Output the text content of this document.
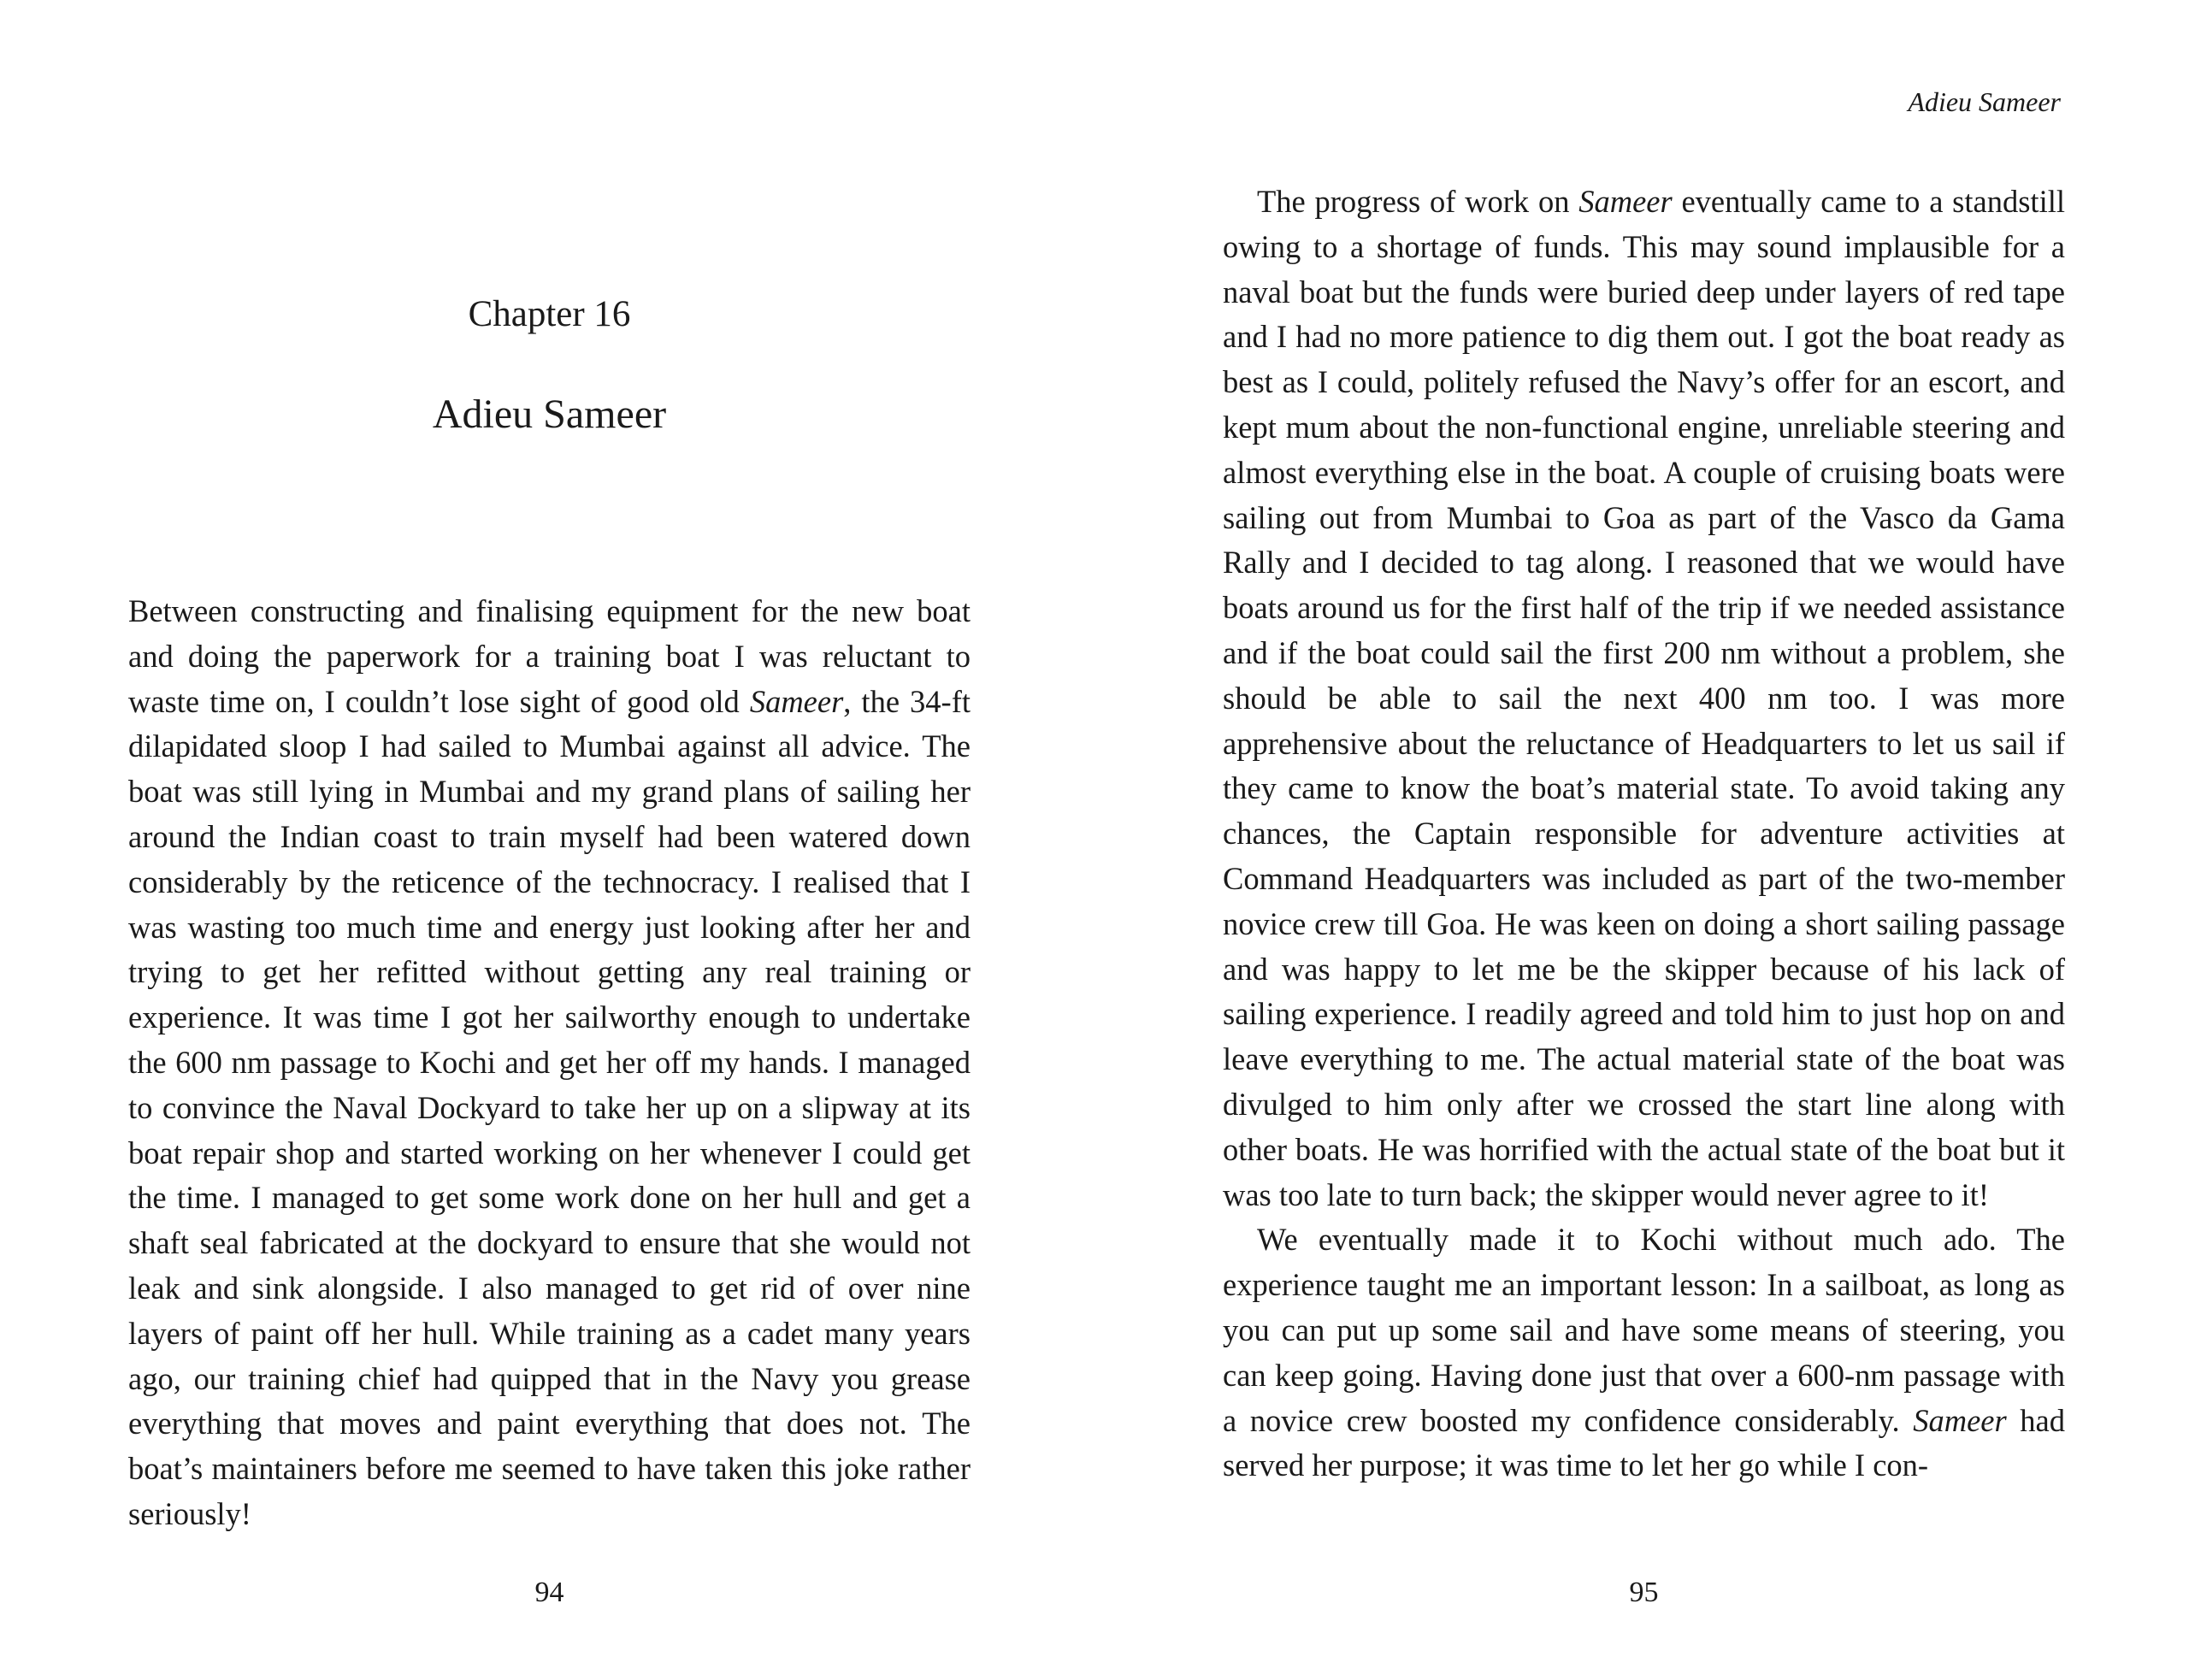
Chapter 16
Adieu Sameer

Between constructing and finalising equipment for the new boat and doing the paperwork for a training boat I was reluctant to waste time on, I couldn’t lose sight of good old Sameer, the 34-ft dilapidated sloop I had sailed to Mumbai against all advice. The boat was still lying in Mumbai and my grand plans of sailing her around the Indian coast to train myself had been watered down considerably by the reticence of the technocracy. I realised that I was wasting too much time and energy just looking after her and trying to get her refitted without getting any real training or experience. It was time I got her sailworthy enough to undertake the 600 nm passage to Kochi and get her off my hands. I managed to convince the Naval Dockyard to take her up on a slipway at its boat repair shop and started working on her whenever I could get the time. I managed to get some work done on her hull and get a shaft seal fabricated at the dockyard to ensure that she would not leak and sink alongside. I also managed to get rid of over nine layers of paint off her hull. While training as a cadet many years ago, our training chief had quipped that in the Navy you grease everything that moves and paint everything that does not. The boat’s maintainers before me seemed to have taken this joke rather seriously!

94
Adieu Sameer

The progress of work on Sameer eventually came to a standstill owing to a shortage of funds. This may sound implausible for a naval boat but the funds were buried deep under layers of red tape and I had no more patience to dig them out. I got the boat ready as best as I could, politely refused the Navy’s offer for an escort, and kept mum about the non-functional engine, unreliable steering and almost everything else in the boat. A couple of cruising boats were sailing out from Mumbai to Goa as part of the Vasco da Gama Rally and I decided to tag along. I reasoned that we would have boats around us for the first half of the trip if we needed assistance and if the boat could sail the first 200 nm without a problem, she should be able to sail the next 400 nm too. I was more apprehensive about the reluctance of Headquarters to let us sail if they came to know the boat’s material state. To avoid taking any chances, the Captain responsible for adventure activities at Command Headquarters was included as part of the two-member novice crew till Goa. He was keen on doing a short sailing passage and was happy to let me be the skipper because of his lack of sailing experience. I readily agreed and told him to just hop on and leave everything to me. The actual material state of the boat was divulged to him only after we crossed the start line along with other boats. He was horrified with the actual state of the boat but it was too late to turn back; the skipper would never agree to it!

We eventually made it to Kochi without much ado. The experience taught me an important lesson: In a sailboat, as long as you can put up some sail and have some means of steering, you can keep going. Having done just that over a 600-nm passage with a novice crew boosted my confidence considerably. Sameer had served her purpose; it was time to let her go while I con-

95
